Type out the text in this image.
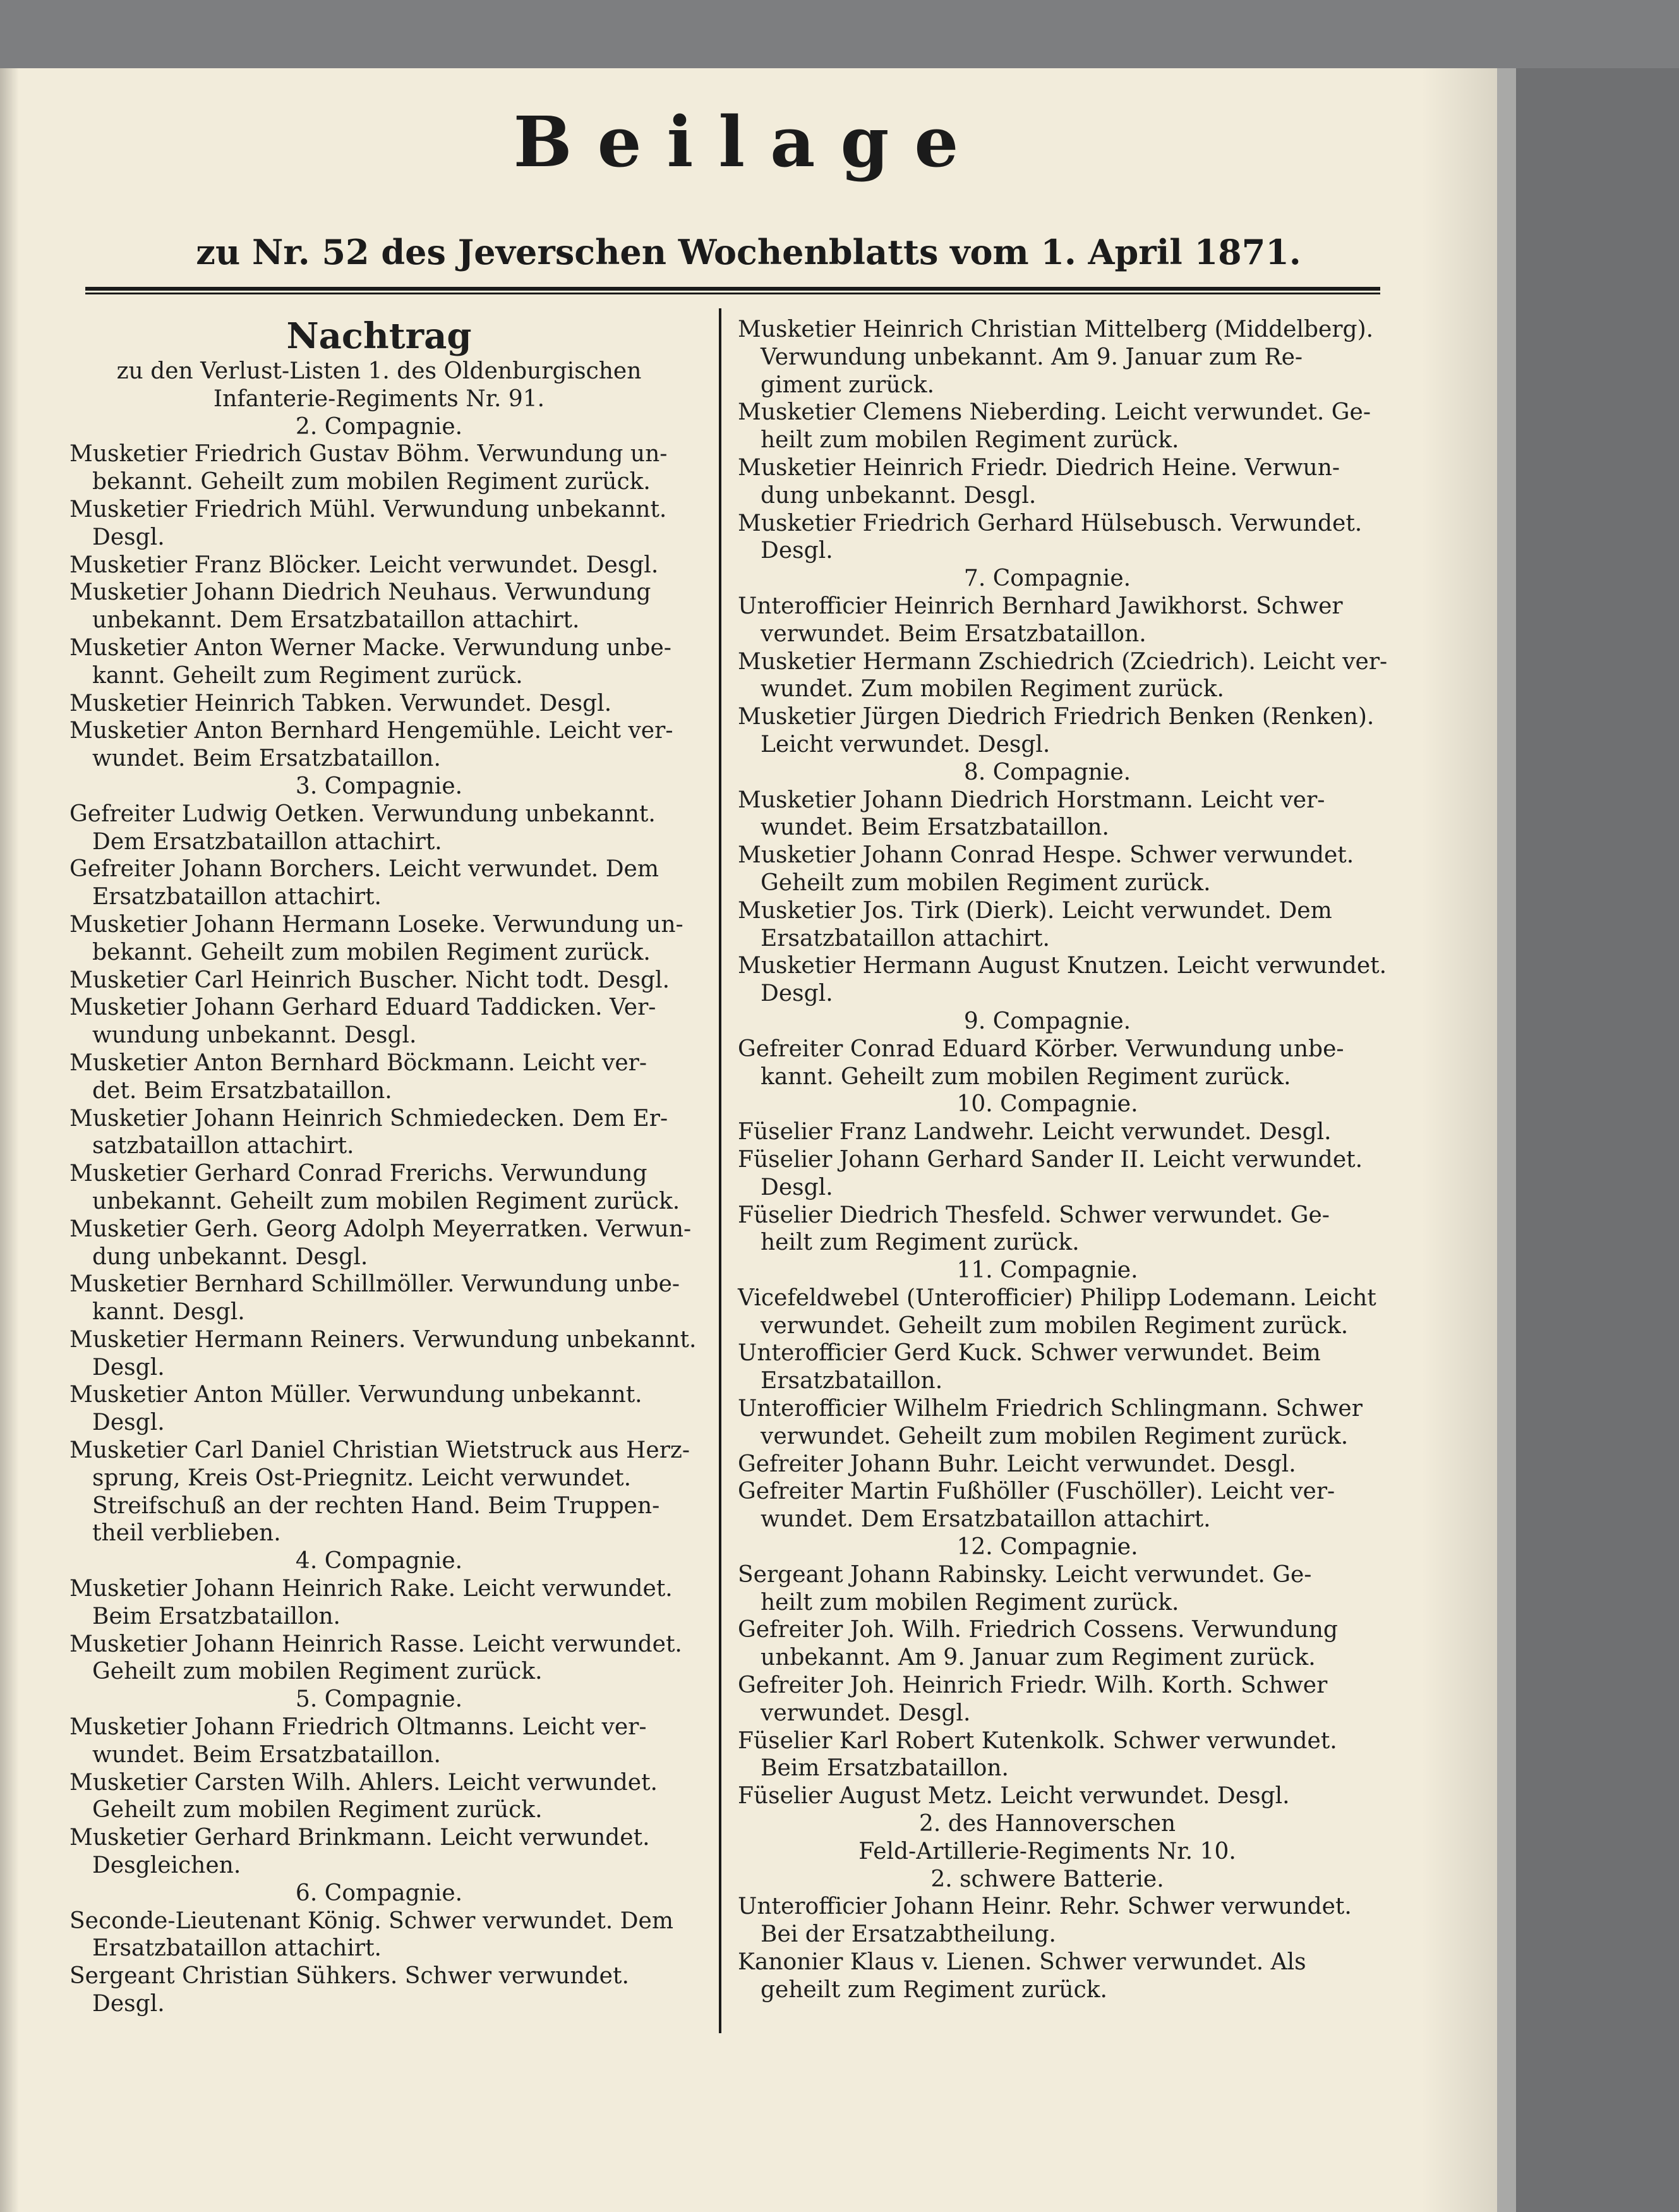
Beilage
zu Nr. 52 des Jeverschen Wochenblatts vom 1. April 1871.
Nachtrag
zu den Verlust-Listen 1. des Oldenburgischen
Infanterie-Regiments Nr. 91.
2. Compagnie.
Musketier Friedrich Gustav Böhm. Verwundung un-
bekannt. Geheilt zum mobilen Regiment zurück.
Musketier Friedrich Mühl. Verwundung unbekannt.
Desgl.
Musketier Franz Blöcker. Leicht verwundet. Desgl.
Musketier Johann Diedrich Neuhaus. Verwundung
unbekannt. Dem Ersatzbataillon attachirt.
Musketier Anton Werner Macke. Verwundung unbe-
kannt. Geheilt zum Regiment zurück.
Musketier Heinrich Tabken. Verwundet. Desgl.
Musketier Anton Bernhard Hengemühle. Leicht ver-
wundet. Beim Ersatzbataillon.
3. Compagnie.
Gefreiter Ludwig Oetken. Verwundung unbekannt.
Dem Ersatzbataillon attachirt.
Gefreiter Johann Borchers. Leicht verwundet. Dem
Ersatzbataillon attachirt.
Musketier Johann Hermann Loseke. Verwundung un-
bekannt. Geheilt zum mobilen Regiment zurück.
Musketier Carl Heinrich Buscher. Nicht todt. Desgl.
Musketier Johann Gerhard Eduard Taddicken. Ver-
wundung unbekannt. Desgl.
Musketier Anton Bernhard Böckmann. Leicht ver-
det. Beim Ersatzbataillon.
Musketier Johann Heinrich Schmiedecken. Dem Er-
satzbataillon attachirt.
Musketier Gerhard Conrad Frerichs. Verwundung
unbekannt. Geheilt zum mobilen Regiment zurück.
Musketier Gerh. Georg Adolph Meyerratken. Verwun-
dung unbekannt. Desgl.
Musketier Bernhard Schillmöller. Verwundung unbe-
kannt. Desgl.
Musketier Hermann Reiners. Verwundung unbekannt.
Desgl.
Musketier Anton Müller. Verwundung unbekannt.
Desgl.
Musketier Carl Daniel Christian Wietstruck aus Herz-
sprung, Kreis Ost-Priegnitz. Leicht verwundet.
Streifschuß an der rechten Hand. Beim Truppen-
theil verblieben.
4. Compagnie.
Musketier Johann Heinrich Rake. Leicht verwundet.
Beim Ersatzbataillon.
Musketier Johann Heinrich Rasse. Leicht verwundet.
Geheilt zum mobilen Regiment zurück.
5. Compagnie.
Musketier Johann Friedrich Oltmanns. Leicht ver-
wundet. Beim Ersatzbataillon.
Musketier Carsten Wilh. Ahlers. Leicht verwundet.
Geheilt zum mobilen Regiment zurück.
Musketier Gerhard Brinkmann. Leicht verwundet.
Desgleichen.
6. Compagnie.
Seconde-Lieutenant König. Schwer verwundet. Dem
Ersatzbataillon attachirt.
Sergeant Christian Sühkers. Schwer verwundet.
Desgl.
Musketier Heinrich Christian Mittelberg (Middelberg).
Verwundung unbekannt. Am 9. Januar zum Re-
giment zurück.
Musketier Clemens Nieberding. Leicht verwundet. Ge-
heilt zum mobilen Regiment zurück.
Musketier Heinrich Friedr. Diedrich Heine. Verwun-
dung unbekannt. Desgl.
Musketier Friedrich Gerhard Hülsebusch. Verwundet.
Desgl.
7. Compagnie.
Unterofficier Heinrich Bernhard Jawikhorst. Schwer
verwundet. Beim Ersatzbataillon.
Musketier Hermann Zschiedrich (Zciedrich). Leicht ver-
wundet. Zum mobilen Regiment zurück.
Musketier Jürgen Diedrich Friedrich Benken (Renken).
Leicht verwundet. Desgl.
8. Compagnie.
Musketier Johann Diedrich Horstmann. Leicht ver-
wundet. Beim Ersatzbataillon.
Musketier Johann Conrad Hespe. Schwer verwundet.
Geheilt zum mobilen Regiment zurück.
Musketier Jos. Tirk (Dierk). Leicht verwundet. Dem
Ersatzbataillon attachirt.
Musketier Hermann August Knutzen. Leicht verwundet.
Desgl.
9. Compagnie.
Gefreiter Conrad Eduard Körber. Verwundung unbe-
kannt. Geheilt zum mobilen Regiment zurück.
10. Compagnie.
Füselier Franz Landwehr. Leicht verwundet. Desgl.
Füselier Johann Gerhard Sander II. Leicht verwundet.
Desgl.
Füselier Diedrich Thesfeld. Schwer verwundet. Ge-
heilt zum Regiment zurück.
11. Compagnie.
Vicefeldwebel (Unterofficier) Philipp Lodemann. Leicht
verwundet. Geheilt zum mobilen Regiment zurück.
Unterofficier Gerd Kuck. Schwer verwundet. Beim
Ersatzbataillon.
Unterofficier Wilhelm Friedrich Schlingmann. Schwer
verwundet. Geheilt zum mobilen Regiment zurück.
Gefreiter Johann Buhr. Leicht verwundet. Desgl.
Gefreiter Martin Fußhöller (Fuschöller). Leicht ver-
wundet. Dem Ersatzbataillon attachirt.
12. Compagnie.
Sergeant Johann Rabinsky. Leicht verwundet. Ge-
heilt zum mobilen Regiment zurück.
Gefreiter Joh. Wilh. Friedrich Cossens. Verwundung
unbekannt. Am 9. Januar zum Regiment zurück.
Gefreiter Joh. Heinrich Friedr. Wilh. Korth. Schwer
verwundet. Desgl.
Füselier Karl Robert Kutenkolk. Schwer verwundet.
Beim Ersatzbataillon.
Füselier August Metz. Leicht verwundet. Desgl.
2. des Hannoverschen
Feld-Artillerie-Regiments Nr. 10.
2. schwere Batterie.
Unterofficier Johann Heinr. Rehr. Schwer verwundet.
Bei der Ersatzabtheilung.
Kanonier Klaus v. Lienen. Schwer verwundet. Als
geheilt zum Regiment zurück.
